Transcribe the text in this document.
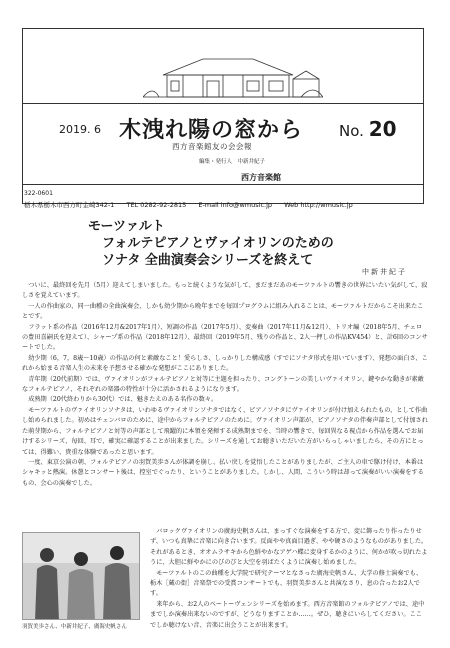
2019. 6 木洩れ陽の窓から No. 20
西方音楽館友の会会報
編集・発行人　中新井紀子
西方音楽館
322-0601
栃木県栃木市西方町金崎342-1 TEL 0282-92-2815 E-mail info@wmusic.jp Web http://wmusic.jp
モーツァルト
フォルテピアノとヴァイオリンのための
ソナタ 全曲演奏会シリーズを終えて
中新井紀子

ついに、最終回を先月（5月）迎えてしまいました。もっと続くような気がして、まだまだあのモーツァルトの響きの世界にいたい気がして、寂しさを覚えています。

一人の作曲家の、同一曲種の全曲演奏会、しかも幼少期から晩年までを毎回プログラムに組み入れることは、モーツァルトだからこそ出来たことです。

フラット系の作品（2016年12月&2017年1月）、短調の作品（2017年5月）、変奏曲（2017年11月&12月）、トリオ編（2018年5月、チェロの豊田喜嗣氏を迎えて）、シャープ系の作品（2018年12月）、最終回（2019年5月、残りの作品と、2人一押しの作品KV454）と、計6回のコンサートでした。

幼少期（6，7，8歳～10歳）の作品の何と素敵なこと！愛らしさ、しっかりした構成感（すでにソナタ形式を用いています）、発想の面白さ、これから始まる音楽人生の未来を予想させる確かな発想がここにありました。

青年期（20代前期）では、ヴァイオリンがフォルテピアノと対等に主題を担ったり、コングトーンの美しいヴァイオリン、鍵やかな動きが素敵なフォルテピアノ、それぞれの楽器の特性が十分に活かされるようになります。

成熟期（20代終わりから30代）では、魅きたえのある名作の数々。

モーツァルトのヴァイオリンソナタは、いわゆるヴァイオリンソナタではなく、ピアノソナタにヴァイオリンが付け加えられたもの、として作曲し始められました。初めはチェンバロのために、途中からフォルテピアノのために。ヴァイオリン声部が、ピアノソナタの伴奏声部として付加された萌芽期から、フォルテピアノと対等の声部として飛躍的に本領を発揮する成熟期までを、当時の響きで、毎回異なる視点から作品を選んでお届けするシリーズ、毎回、耳で、確実に確認することが出来ました。シリーズを通してお聴きいただいた方がいらっしゃいましたら、その方にとっては、得難い、貴重な体験であったと思います。

一度、東京公演の朝、フォルテピアノの羽賀美歩さんが体調を崩し、払い戻しを覚悟したことがありましたが、ご主人の車で駆け付け、本番はシャキッと熱演。休憩とコンサート後は、控室でぐったり、ということがありました。しかし、人間、こういう時は却って演奏がいい演奏をするもの、会心の演奏でした。

羽賀美歩さん、中新井紀子、廣海史帆さん

バロックヴァイオリンの廣海史帆さんは、まっすぐな演奏をする方で、変に飾ったり作ったりせず、いつも真摯に音楽に向き合います。反面やや真面目過ぎ、やや硬さのようなものがありました。それがあるとき、オオムラサキから色鮮やかなアゲハ蝶に変身するかのように、何かが吹っ切れたように、大胆に鮮やかにのびのびと大空を羽ばたくように演奏し始めました。

モーツァルトのこの曲種を大学院で研究テーマとなさった廣海史帆さん、大学の修士演奏でも、栃木［蔵の街］音楽祭での受賞コンサートでも、羽賀美歩さんと共演なさり、息の合ったお2人です。

来年から、お2人のベートーヴェンシリーズを始めます。西方音楽館のフォルテピアノでは、途中までしか演奏出来ないのですが、どうなりますことか……。ぜひ、聴きにいらしてください。ここでしか聴けない音、音楽に出会うことが出来ます。
